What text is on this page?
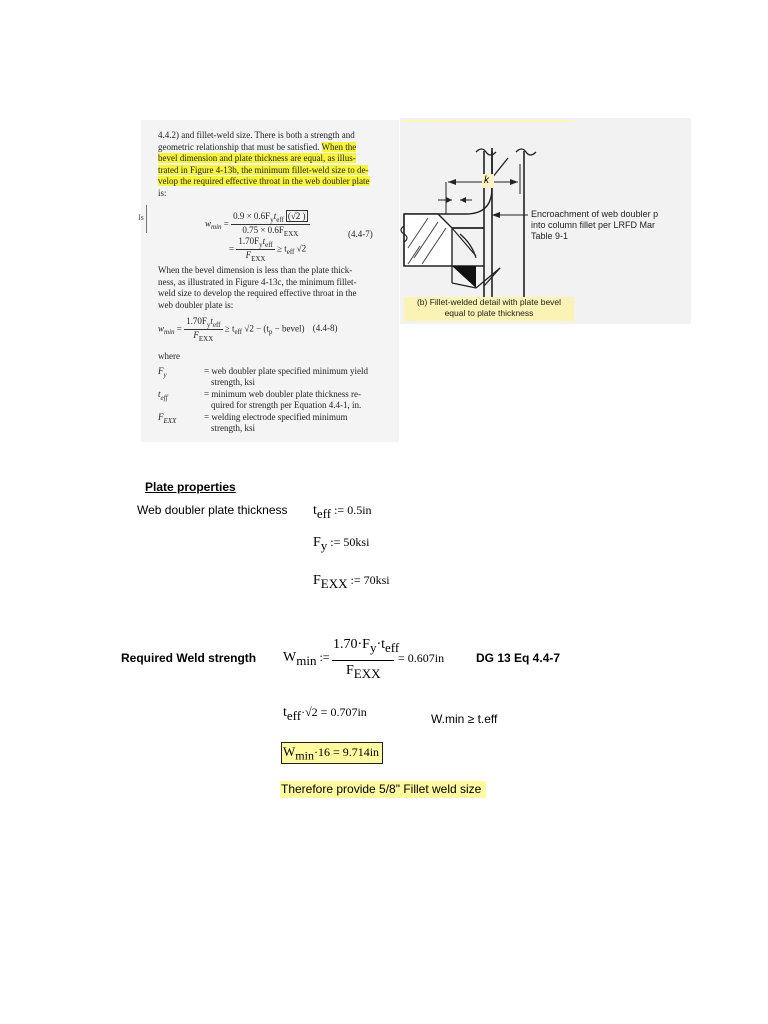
4.4.2) and fillet-weld size. There is both a strength and
geometric relationship that must be satisfied. When the
bevel dimension and plate thickness are equal, as illus-
trated in Figure 4-13b, the minimum fillet-weld size to de-
velop the required effective throat in the web doubler plate
is:
$w_{min} = \frac{0.9 \times 0.6F_yt_{eff} (√2 )}{0.75 \times 0.6F_{EXX}}$	(4.4-7)
= $\frac{1.70F_yt_{eff}}{F_{EXX}} \ge t_{eff}$ √2
When the bevel dimension is less than the plate thick-
ness, as illustrated in Figure 4-13c, the minimum fillet-
weld size to develop the required effective throat in the
web doubler plate is:
$w_{min} = \frac{1.70F_yt_{eff}}{F_{EXX}} \ge t_{eff}$ $√2 - (t_p$ − bevel) (4.4-8)
where
$F_y$	= web doubler plate specified minimum yield
strength, ksi
$t_{eff}$	= minimum web doubler plate thickness re-
quired for strength per Equation 4.4-1, in.
$F_{EXX}$	= welding electrode specified minimum
strength, ksi
Is
k
Encroachment of web doubler p
into column fillet per LRFD Mar
Table 9-1
(b) Fillet-welded detail with plate bevel
equal to plate thickness
Plate properties
Web doubler plate thickness $t_{eff}$ := 0.5in
$F_y$ := 50ksi
$F_{EXX}$ := 70ksi
Required Weld strength $W_{min}$ :=
$1.70\cdot F_y\cdot t_{eff}$
$F_{EXX}$
= 0.607in	DG 13 Eq 4.4-7
$t_{eff}\cdot√2 = 0.707in$	W.min ≥ t.eff
$W_{min}\cdot 16 = 9.714in$
Therefore provide 5/8" Fillet weld size
